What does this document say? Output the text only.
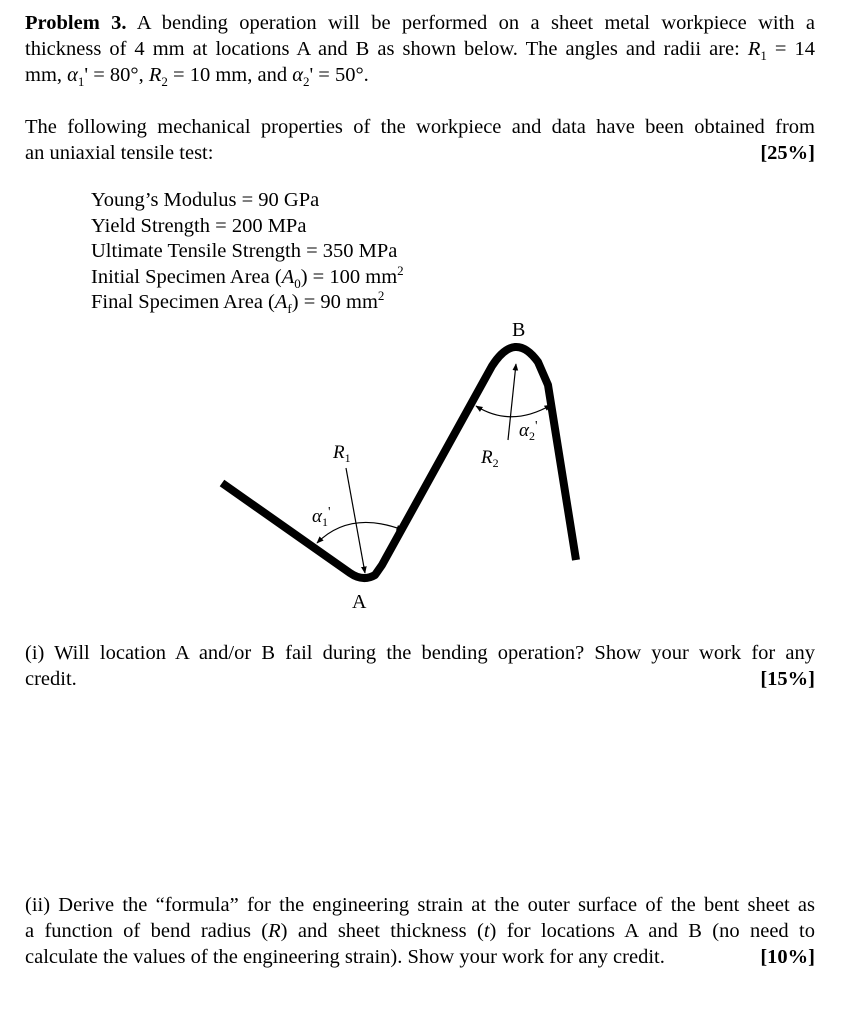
Problem 3. A bending operation will be performed on a sheet metal workpiece with a
thickness of 4 mm at locations A and B as shown below. The angles and radii are: $R_1 = 14$
mm, $\alpha_1' = 80^\circ$, $R_2 = 10$ mm, and $\alpha_2' = 50^\circ$.
The following mechanical properties of the workpiece and data have been obtained from
an uniaxial tensile test:	[25%]
Young’s Modulus = 90 GPa
Yield Strength = 200 MPa
Ultimate Tensile Strength = 350 MPa
Initial Specimen Area $(A_0) = 100$ $mm^2$
Final Specimen Area $(A_f) = 90$ $mm^2$
B
A
$R_1$	$R_2$
$\alpha_1'$
$\alpha_2'$
(i) Will location A and/or B fail during the bending operation? Show your work for any
credit.	[15%]
(ii) Derive the “formula” for the engineering strain at the outer surface of the bent sheet as
a function of bend radius (R) and sheet thickness (t) for locations A and B (no need to
calculate the values of the engineering strain). Show your work for any credit.	[10%]
